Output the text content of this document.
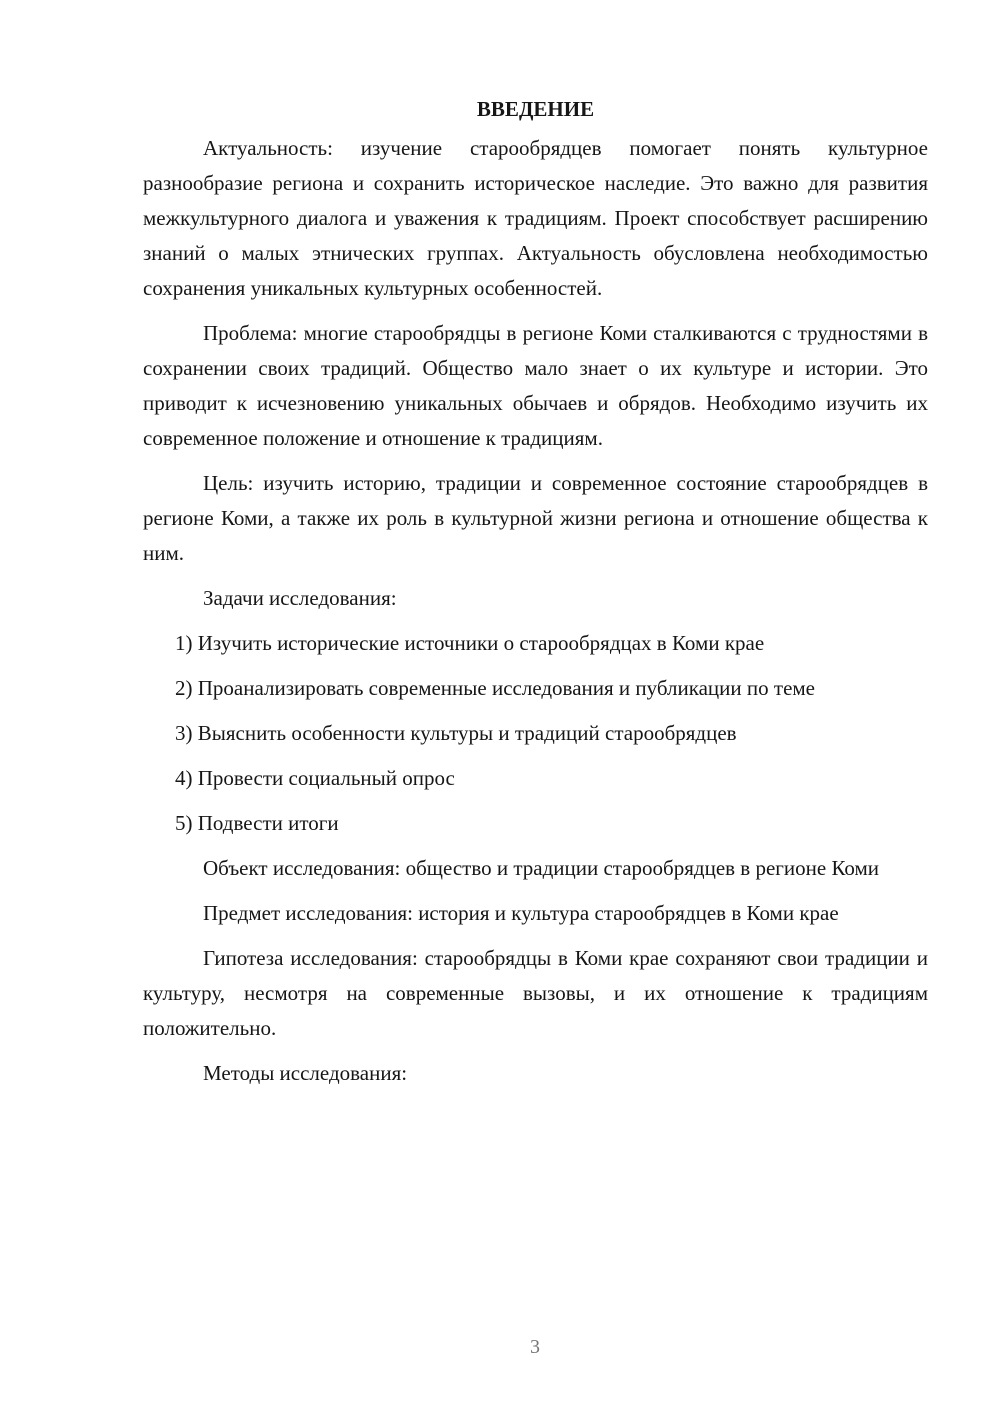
ВВЕДЕНИЕ

Актуальность: изучение старообрядцев помогает понять культурное разнообразие региона и сохранить историческое наследие. Это важно для развития межкультурного диалога и уважения к традициям. Проект способствует расширению знаний о малых этнических группах. Актуальность обусловлена необходимостью сохранения уникальных культурных особенностей.

Проблема: многие старообрядцы в регионе Коми сталкиваются с трудностями в сохранении своих традиций. Общество мало знает о их культуре и истории. Это приводит к исчезновению уникальных обычаев и обрядов. Необходимо изучить их современное положение и отношение к традициям.

Цель: изучить историю, традиции и современное состояние старообрядцев в регионе Коми, а также их роль в культурной жизни региона и отношение общества к ним.

Задачи исследования:

1) Изучить исторические источники о старообрядцах в Коми крае
2) Проанализировать современные исследования и публикации по теме
3) Выяснить особенности культуры и традиций старообрядцев
4) Провести социальный опрос
5) Подвести итоги

Объект исследования: общество и традиции старообрядцев в регионе Коми

Предмет исследования: история и культура старообрядцев в Коми крае

Гипотеза исследования: старообрядцы в Коми крае сохраняют свои традиции и культуру, несмотря на современные вызовы, и их отношение к традициям положительно.

Методы исследования:

3
